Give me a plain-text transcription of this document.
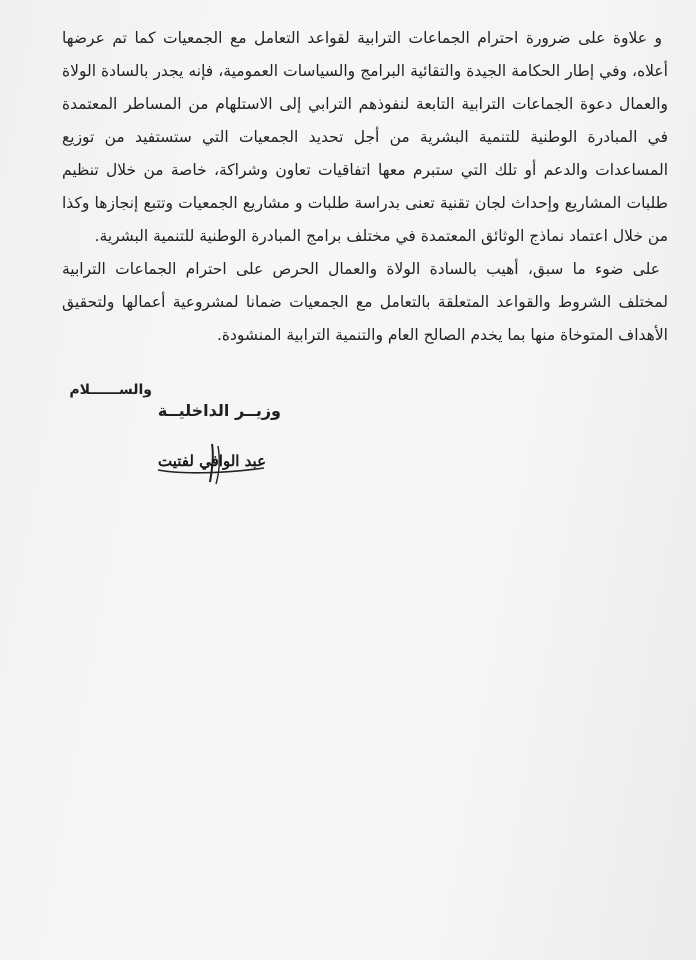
و علاوة على ضرورة احترام الجماعات الترابية لقواعد التعامل مع الجمعيات كما تم عرضها أعلاه، وفي إطار الحكامة الجيدة والتقائية البرامج والسياسات العمومية، فإنه يجدر بالسادة الولاة والعمال دعوة الجماعات الترابية التابعة لنفوذهم الترابي إلى الاستلهام من المساطر المعتمدة في المبادرة الوطنية للتنمية البشرية من أجل تحديد الجمعيات التي ستستفيد من توزيع المساعدات والدعم أو تلك التي ستبرم معها اتفاقيات تعاون وشراكة، خاصة من خلال تنظيم طلبات المشاريع وإحداث لجان تقنية تعنى بدراسة طلبات و مشاريع الجمعيات وتتبع إنجازها وكذا من خلال اعتماد نماذج الوثائق المعتمدة في مختلف برامج المبادرة الوطنية للتنمية البشرية.

على ضوء ما سبق، أهيب بالسادة الولاة والعمال الحرص على احترام الجماعات الترابية لمختلف الشروط والقواعد المتعلقة بالتعامل مع الجمعيات ضمانا لمشروعية أعمالها ولتحقيق الأهداف المتوخاة منها بما يخدم الصالح العام والتنمية الترابية المنشودة.

والســــــلام
وزيــر الداخليــة
عبد الوافي لفتيت
